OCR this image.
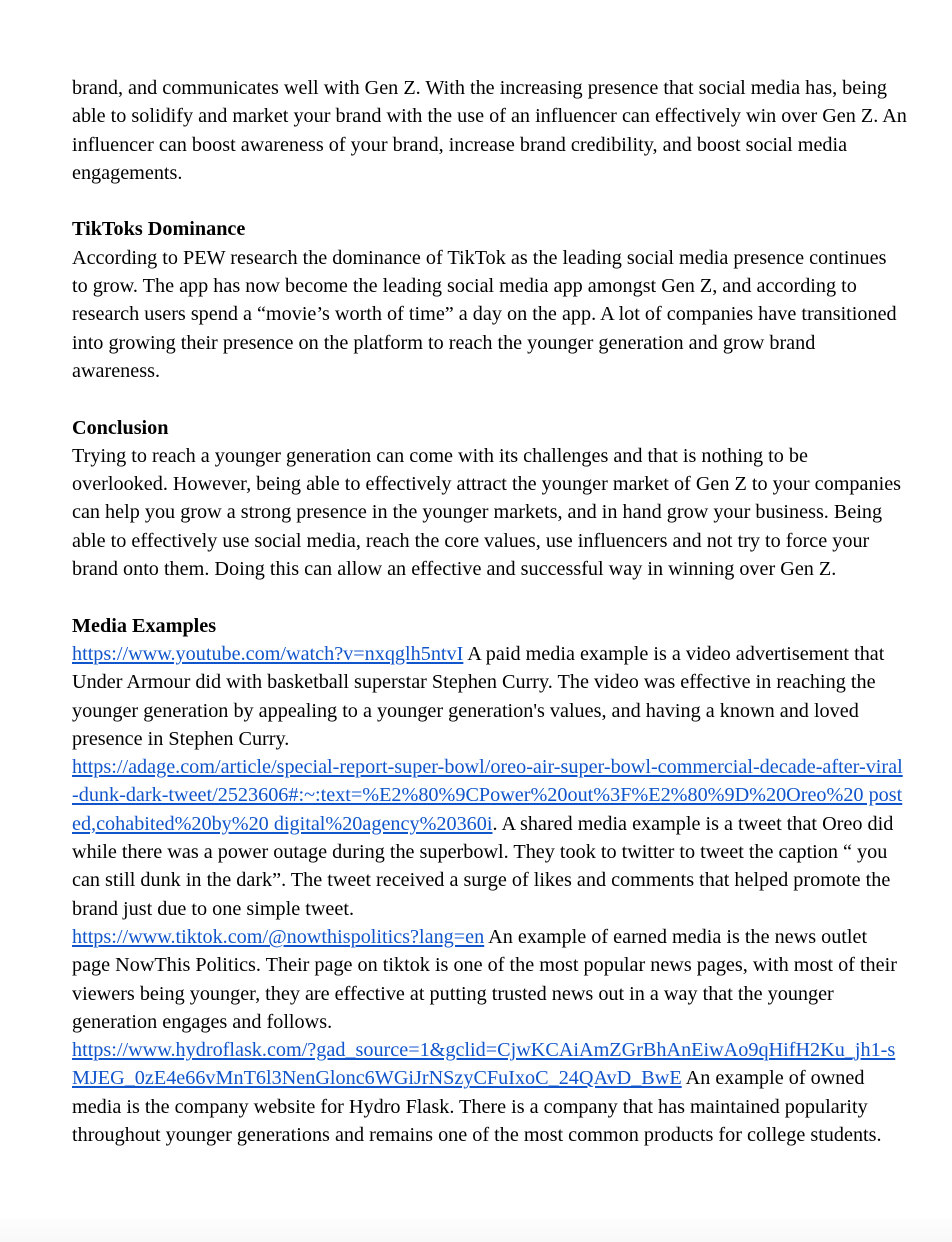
brand, and communicates well with Gen Z. With the increasing presence that social media has, being able to solidify and market your brand with the use of an influencer can effectively win over Gen Z. An influencer can boost awareness of your brand, increase brand credibility, and boost social media engagements.

TikToks Dominance

According to PEW research the dominance of TikTok as the leading social media presence continues to grow. The app has now become the leading social media app amongst Gen Z, and according to research users spend a “movie’s worth of time” a day on the app. A lot of companies have transitioned into growing their presence on the platform to reach the younger generation and grow brand awareness.

Conclusion

Trying to reach a younger generation can come with its challenges and that is nothing to be overlooked. However, being able to effectively attract the younger market of Gen Z to your companies can help you grow a strong presence in the younger markets, and in hand grow your business. Being able to effectively use social media, reach the core values, use influencers and not try to force your brand onto them. Doing this can allow an effective and successful way in winning over Gen Z.

Media Examples

https://www.youtube.com/watch?v=nxqglh5ntvI A paid media example is a video advertisement that Under Armour did with basketball superstar Stephen Curry. The video was effective in reaching the younger generation by appealing to a younger generation's values, and having a known and loved presence in Stephen Curry.

https://adage.com/article/special-report-super-bowl/oreo-air-super-bowl-commercial-decade-after-viral-dunk-dark-tweet/2523606#:~:text=%E2%80%9CPower%20out%3F%E2%80%9D%20Oreo%20 posted,cohabited%20by%20 digital%20agency%20360i. A shared media example is a tweet that Oreo did while there was a power outage during the superbowl. They took to twitter to tweet the caption “ you can still dunk in the dark”. The tweet received a surge of likes and comments that helped promote the brand just due to one simple tweet.

https://www.tiktok.com/@nowthispolitics?lang=en An example of earned media is the news outlet page NowThis Politics. Their page on tiktok is one of the most popular news pages, with most of their viewers being younger, they are effective at putting trusted news out in a way that the younger generation engages and follows.

https://www.hydroflask.com/?gad_source=1&gclid=CjwKCAiAmZGrBhAnEiwAo9qHifH2Ku_jh1-sMJEG_0zE4e66vMnT6l3NenGlonc6WGiJrNSzyCFuIxoC_24QAvD_BwE An example of owned media is the company website for Hydro Flask. There is a company that has maintained popularity throughout younger generations and remains one of the most common products for college students.
